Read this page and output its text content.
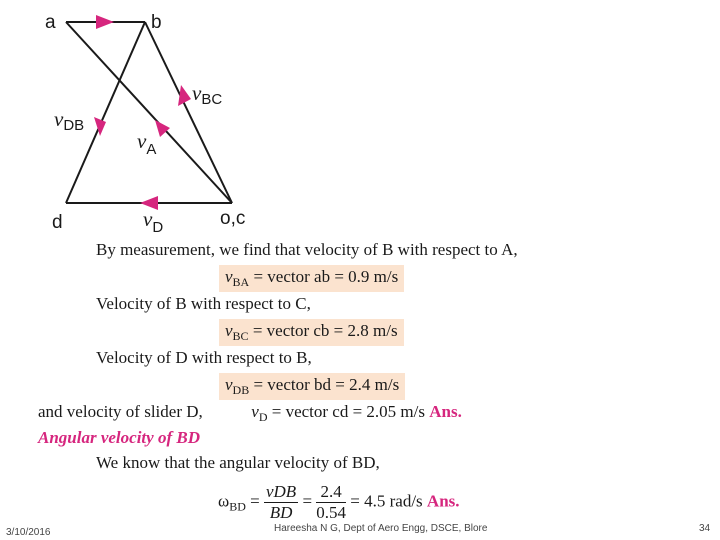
a	b
d	o,c
vBC
vDB
$v_A$
$v_D$
By measurement, we find that velocity of B with respect to A,
$v_{BA}$ = vector ab = 0.9 m/s
Velocity of B with respect to C,
$v_{BC}$ = vector cb = 2.8 m/s
Velocity of D with respect to B,
$v_{DB}$ = vector bd = 2.4 m/s
and velocity of slider D,	$v_D$ = vector cd = 2.05 m/s Ans.
Angular velocity of BD
We know that the angular velocity of BD,
$\omega_{BD} = \frac{\text{vDB}}{BD} = \frac{2.4}{0.54} = 4.5$ rad/s Ans.
3/10/2016	Hareesha N G, Dept of Aero Engg, DSCE, Blore	34
